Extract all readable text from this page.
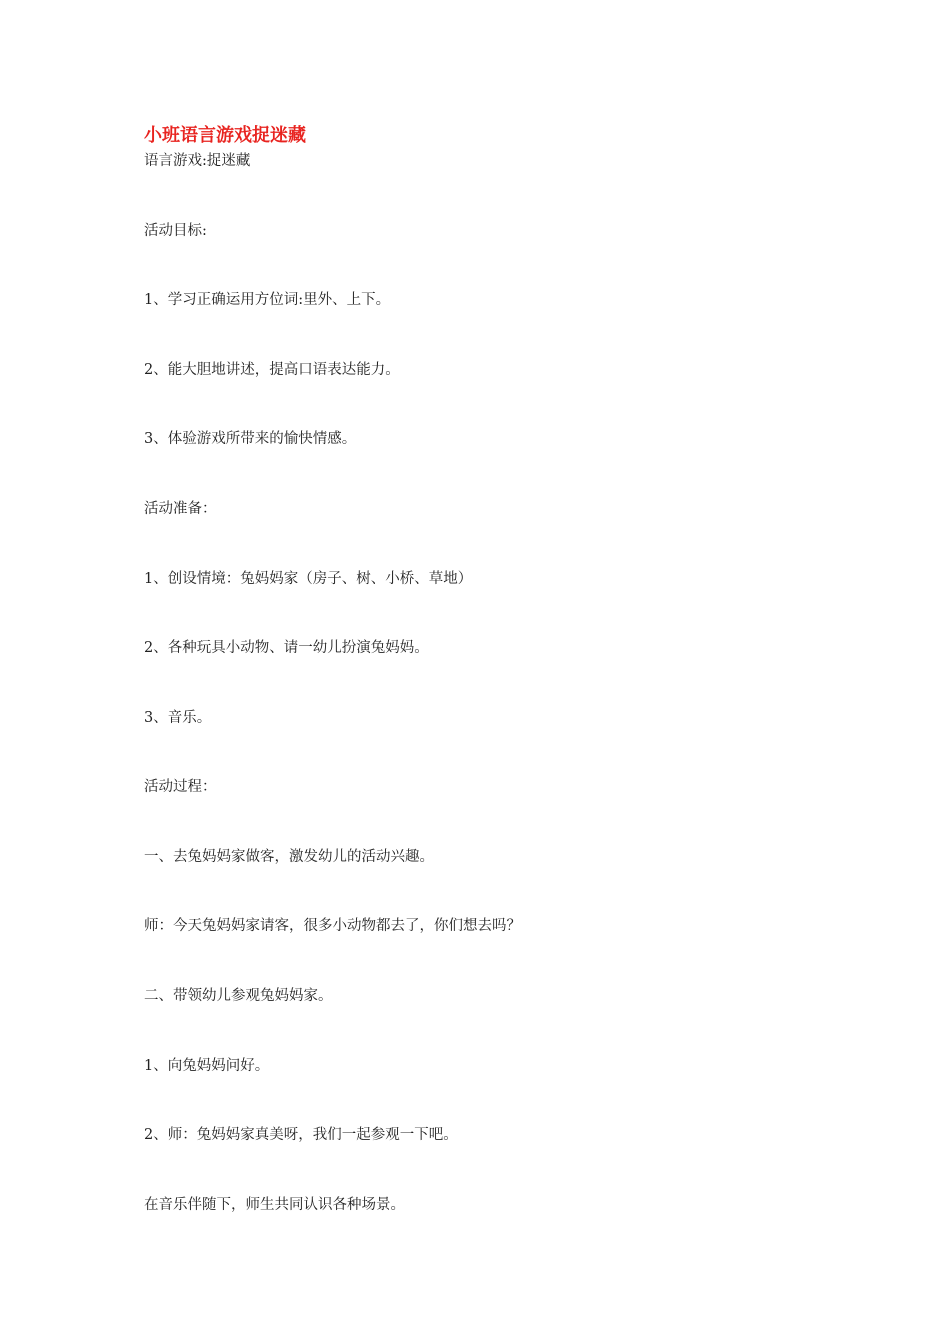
小班语言游戏捉迷藏
语言游戏:捉迷藏
活动目标:
1、学习正确运用方位词:里外、上下。
2、能大胆地讲述，提高口语表达能力。
3、体验游戏所带来的愉快情感。
活动准备：
1、创设情境：兔妈妈家（房子、树、小桥、草地）
2、各种玩具小动物、请一幼儿扮演兔妈妈。
3、音乐。
活动过程：
一、去兔妈妈家做客，激发幼儿的活动兴趣。
师：今天兔妈妈家请客，很多小动物都去了，你们想去吗？
二、带领幼儿参观兔妈妈家。
1、向兔妈妈问好。
2、师：兔妈妈家真美呀，我们一起参观一下吧。
在音乐伴随下，师生共同认识各种场景。
